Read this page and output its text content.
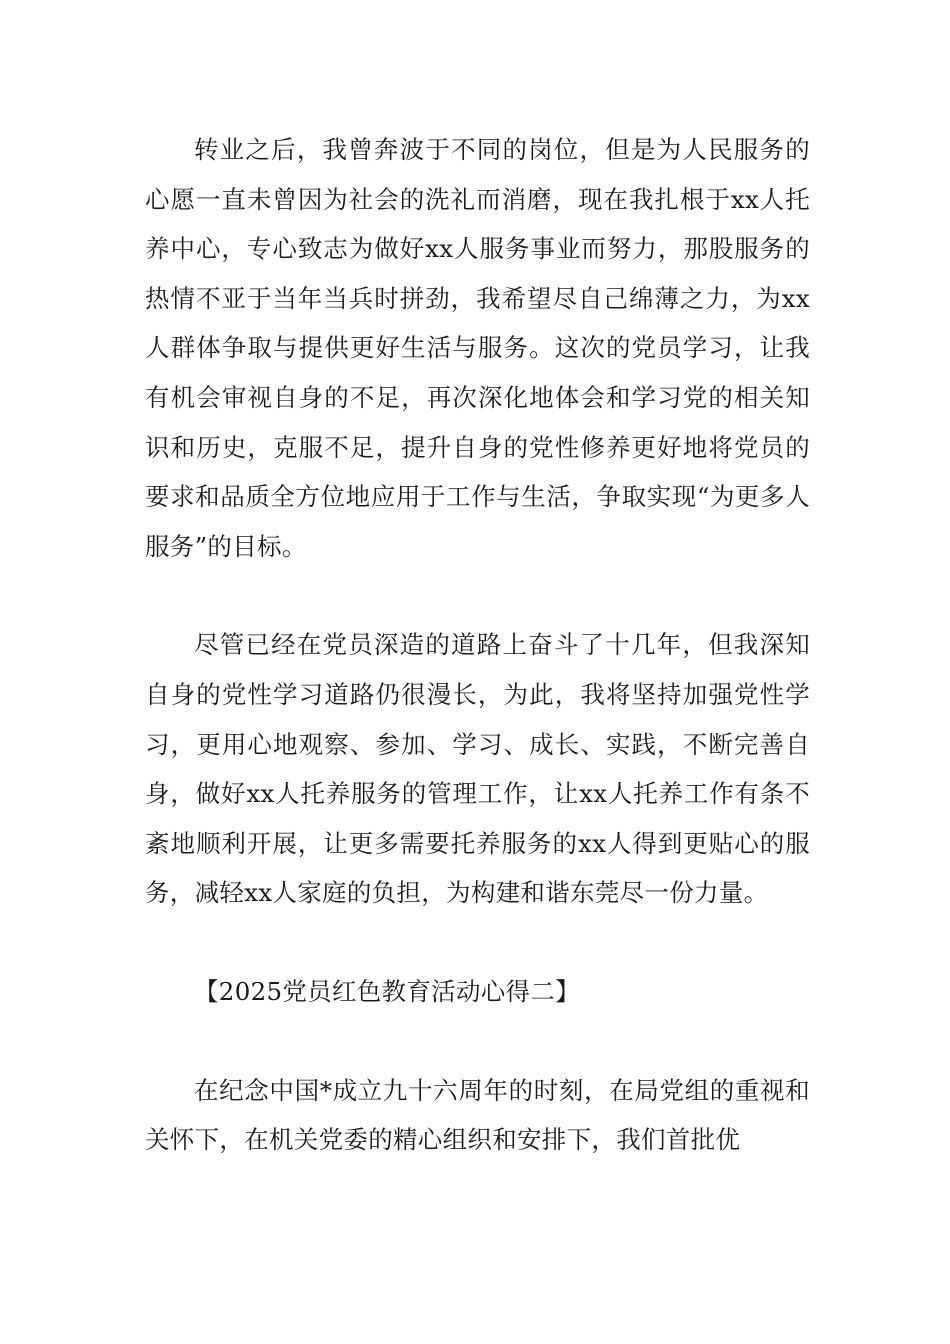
转业之后，我曾奔波于不同的岗位，但是为人民服务的心愿一直未曾因为社会的洗礼而消磨，现在我扎根于xx人托养中心，专心致志为做好xx人服务事业而努力，那股服务的热情不亚于当年当兵时拼劲，我希望尽自己绵薄之力，为xx人群体争取与提供更好生活与服务。这次的党员学习，让我有机会审视自身的不足，再次深化地体会和学习党的相关知识和历史，克服不足，提升自身的党性修养更好地将党员的要求和品质全方位地应用于工作与生活，争取实现“为更多人服务”的目标。

尽管已经在党员深造的道路上奋斗了十几年，但我深知自身的党性学习道路仍很漫长，为此，我将坚持加强党性学习，更用心地观察、参加、学习、成长、实践，不断完善自身，做好xx人托养服务的管理工作，让xx人托养工作有条不紊地顺利开展，让更多需要托养服务的xx人得到更贴心的服务，减轻xx人家庭的负担，为构建和谐东莞尽一份力量。

【2025党员红色教育活动心得二】

在纪念中国*成立九十六周年的时刻，在局党组的重视和关怀下，在机关党委的精心组织和安排下，我们首批优
